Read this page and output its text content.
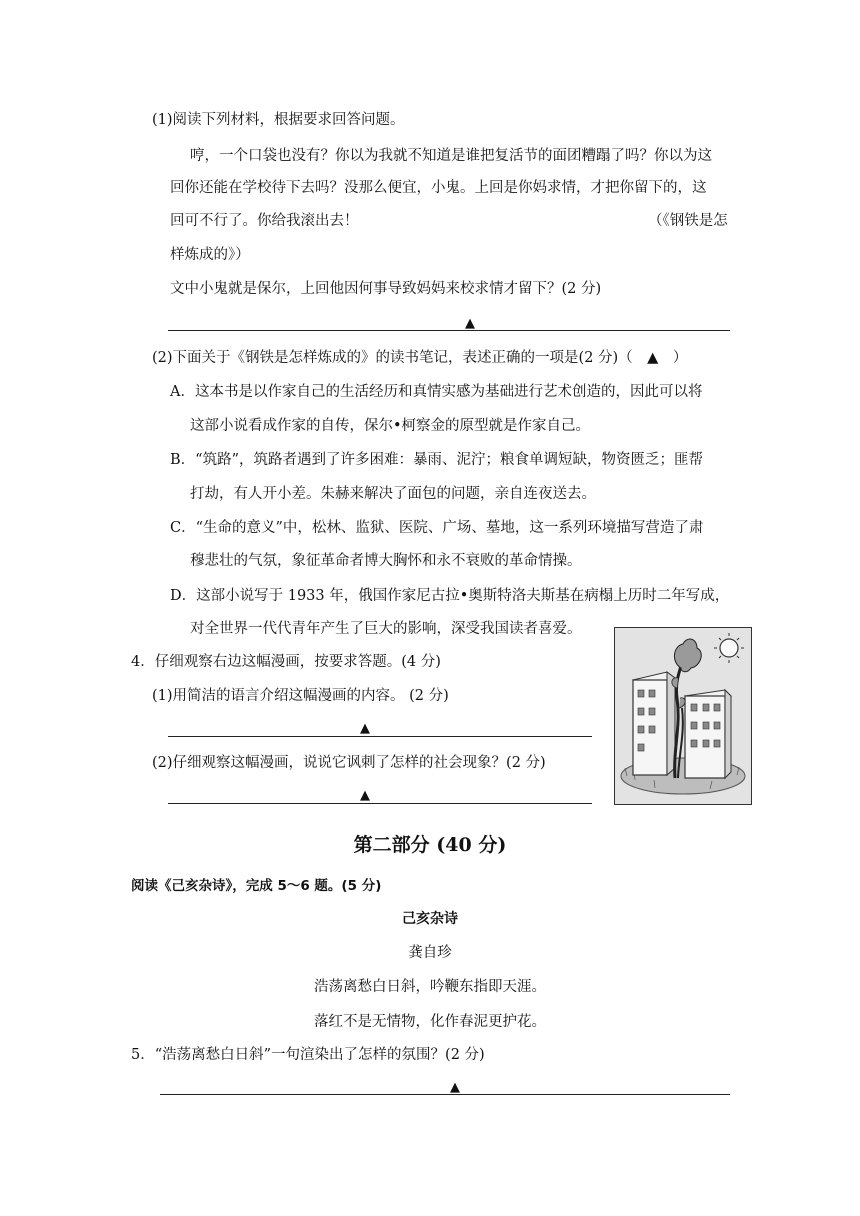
(1)阅读下列材料，根据要求回答问题。
哼，一个口袋也没有？你以为我就不知道是谁把复活节的面团糟蹋了吗？你以为这
回你还能在学校待下去吗？没那么便宜，小鬼。上回是你妈求情，才把你留下的，这
回可不行了。你给我滚出去！	（《钢铁是怎
样炼成的》）
文中小鬼就是保尔，上回他因何事导致妈妈来校求情才留下？(2 分)
▲
(2)下面关于《钢铁是怎样炼成的》的读书笔记，表述正确的一项是(2 分)（　▲　）
A．这本书是以作家自己的生活经历和真情实感为基础进行艺术创造的，因此可以将
这部小说看成作家的自传，保尔•柯察金的原型就是作家自己。
B．“筑路”，筑路者遇到了许多困难：暴雨、泥泞；粮食单调短缺，物资匮乏；匪帮
打劫，有人开小差。朱赫来解决了面包的问题，亲自连夜送去。
C．“生命的意义”中，松林、监狱、医院、广场、墓地，这一系列环境描写营造了肃
穆悲壮的气氛，象征革命者博大胸怀和永不衰败的革命情操。
D．这部小说写于 1933 年，俄国作家尼古拉•奥斯特洛夫斯基在病榻上历时二年写成，
对全世界一代代青年产生了巨大的影响，深受我国读者喜爱。
4．仔细观察右边这幅漫画，按要求答题。(4 分)
(1)用简洁的语言介绍这幅漫画的内容。 (2 分)
▲
(2)仔细观察这幅漫画，说说它讽刺了怎样的社会现象？(2 分)
▲
第二部分 (40 分)
阅读《己亥杂诗》，完成 5～6 题。(5 分)
己亥杂诗
龚自珍
浩荡离愁白日斜，吟鞭东指即天涯。
落红不是无情物，化作春泥更护花。
5．“浩荡离愁白日斜”一句渲染出了怎样的氛围？(2 分)
▲
